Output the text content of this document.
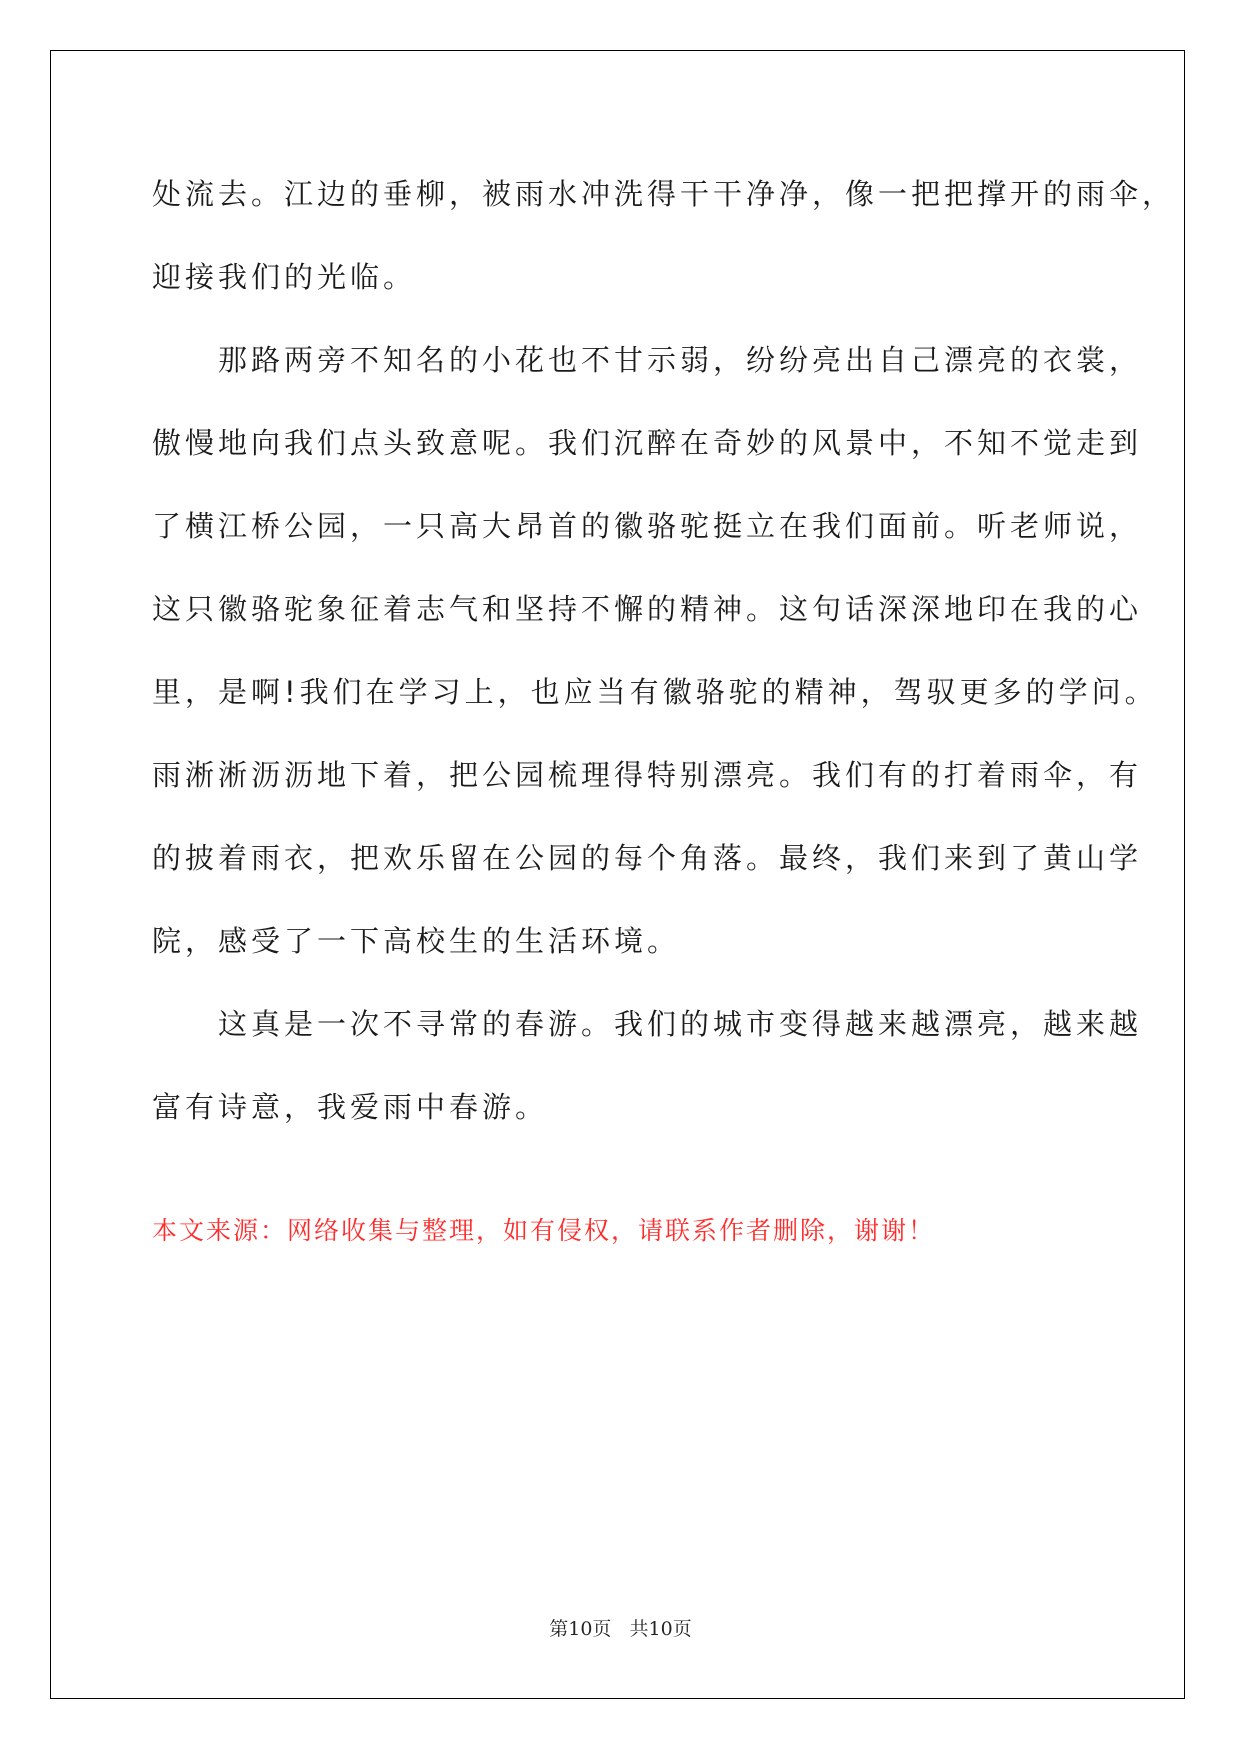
处流去。江边的垂柳，被雨水冲洗得干干净净，像一把把撑开的雨伞，
迎接我们的光临。
　　那路两旁不知名的小花也不甘示弱，纷纷亮出自己漂亮的衣裳，
傲慢地向我们点头致意呢。我们沉醉在奇妙的风景中，不知不觉走到
了横江桥公园，一只高大昂首的徽骆驼挺立在我们面前。听老师说，
这只徽骆驼象征着志气和坚持不懈的精神。这句话深深地印在我的心
里，是啊!我们在学习上，也应当有徽骆驼的精神，驾驭更多的学问。
雨淅淅沥沥地下着，把公园梳理得特别漂亮。我们有的打着雨伞，有
的披着雨衣，把欢乐留在公园的每个角落。最终，我们来到了黄山学
院，感受了一下高校生的生活环境。
　　这真是一次不寻常的春游。我们的城市变得越来越漂亮，越来越
富有诗意，我爱雨中春游。
本文来源：网络收集与整理，如有侵权，请联系作者删除，谢谢！
第10页   共10页
